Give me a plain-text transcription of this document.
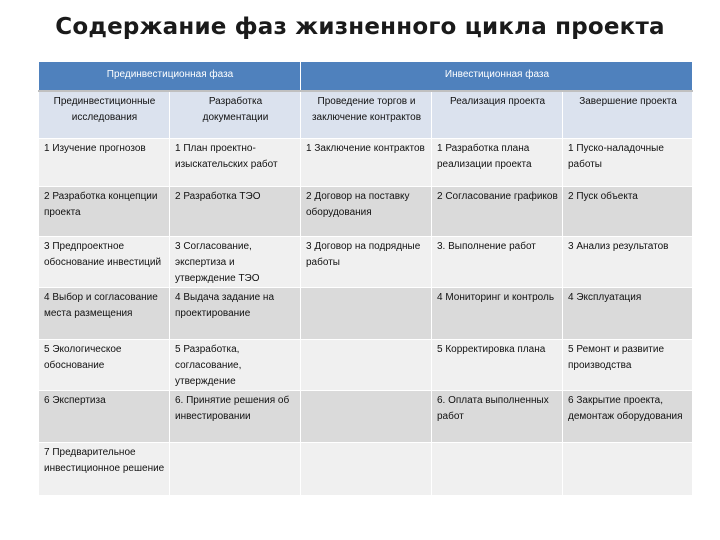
Содержание фаз жизненного цикла проекта
Прединвестиционная фаза		Инвестиционная фаза		
Прединвестиционные исследования	Разработка документации	Проведение торгов и заключение контрактов	Реализация проекта	Завершение проекта
1 Изучение прогнозов	1 План проектно-изыскательских работ	1 Заключение контрактов	1 Разработка плана реализации проекта	1 Пуско-наладочные работы
2 Разработка концепции проекта	2 Разработка ТЭО	2 Договор на поставку оборудования	2 Согласование графиков	2 Пуск объекта
3 Предпроектное обоснование инвестиций	3 Согласование, экспертиза и утверждение ТЭО	3 Договор на подрядные работы	3. Выполнение работ	3 Анализ результатов
4 Выбор и согласование места размещения	4 Выдача задание на проектирование		4 Мониторинг и контроль	4 Эксплуатация
5 Экологическое обоснование	5 Разработка, согласование, утверждение		5 Корректировка плана	5 Ремонт и развитие производства
6 Экспертиза	6. Принятие решения об инвестировании		6. Оплата выполненных работ	6 Закрытие проекта, демонтаж оборудования
7 Предварительное инвестиционное решение				
